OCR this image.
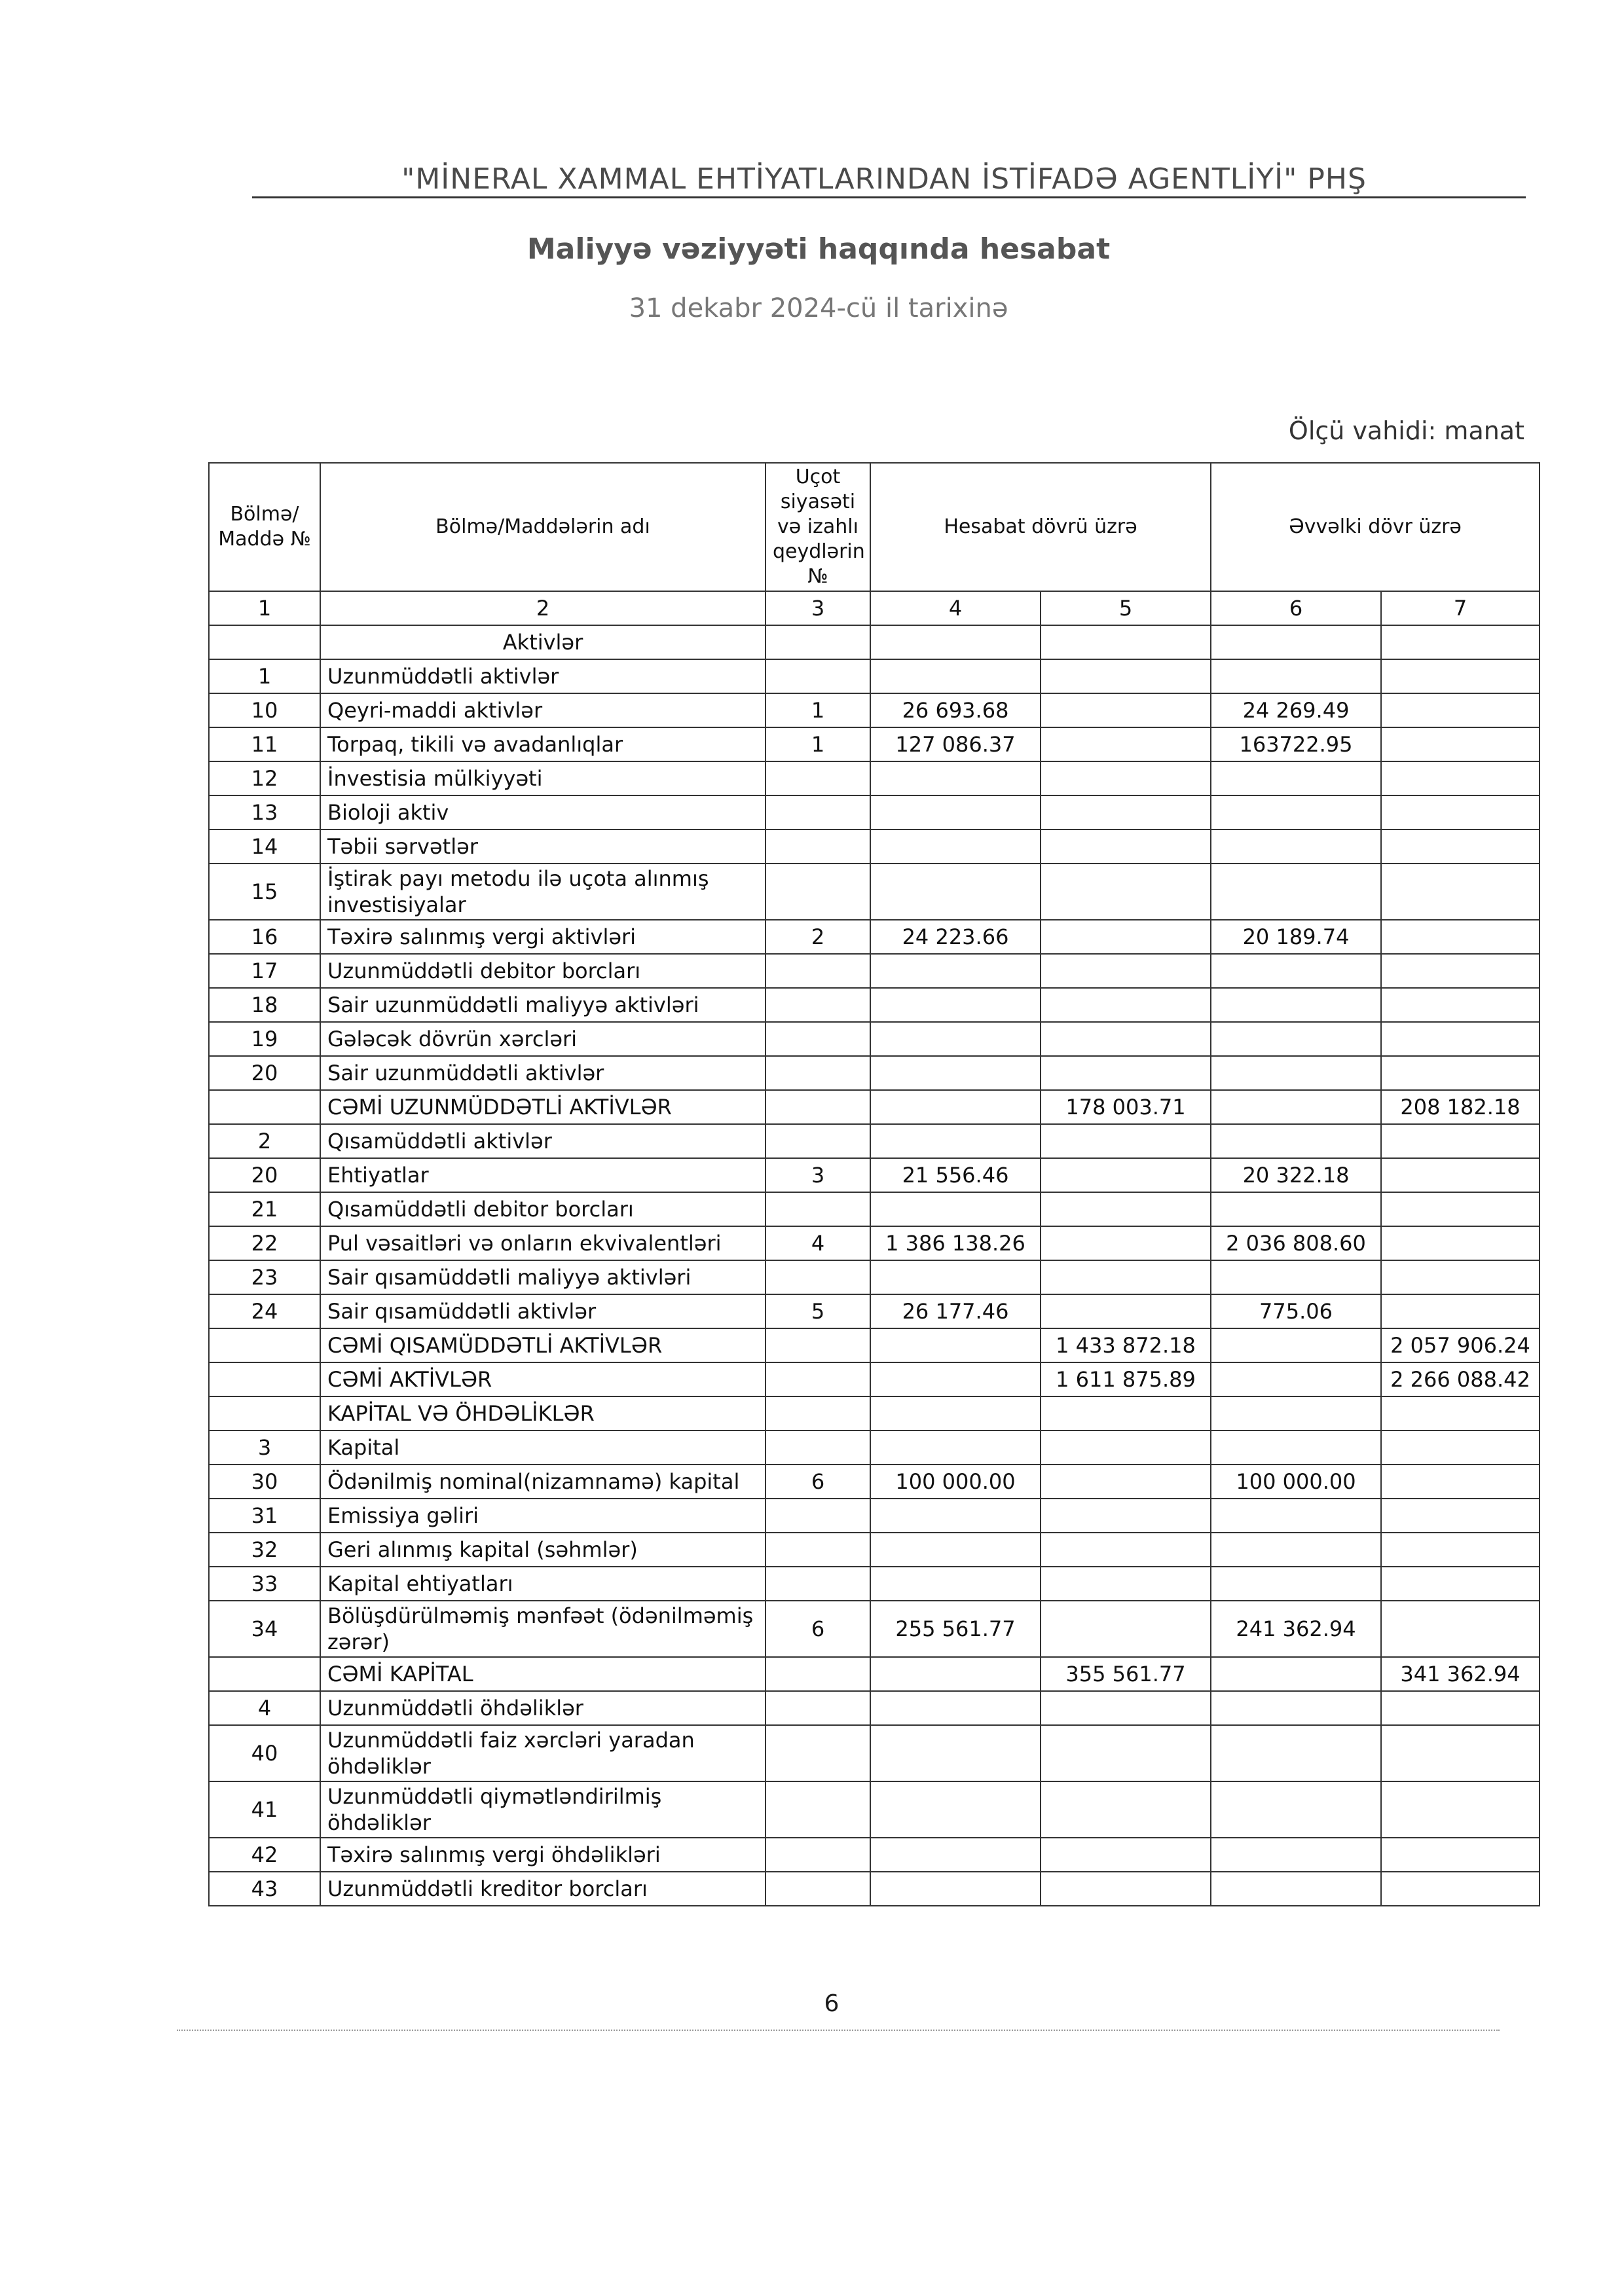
"MİNERAL XAMMAL EHTİYATLARINDAN İSTİFADƏ AGENTLİYİ" PHŞ
Maliyyə vəziyyəti haqqında hesabat
31 dekabr 2024-cü il tarixinə
Ölçü vahidi: manat
Bölmə/ Maddə №	Bölmə/Maddələrin adı	Uçot siyasəti və izahlı qeydlərin №	Hesabat dövrü üzrə		Əvvəlki dövr üzrə	
1	2	3	4	5	6	7
	Aktivlər					
1	Uzunmüddətli aktivlər					
10	Qeyri-maddi aktivlər	1	26 693.68		24 269.49	
11	Torpaq, tikili və avadanlıqlar	1	127 086.37		163722.95	
12	İnvestisia mülkiyyəti					
13	Bioloji aktiv					
14	Təbii sərvətlər					
15	İştirak payı metodu ilə uçota alınmış investisiyalar					
16	Təxirə salınmış vergi aktivləri	2	24 223.66		20 189.74	
17	Uzunmüddətli debitor borcları					
18	Sair uzunmüddətli maliyyə aktivləri					
19	Gələcək dövrün xərcləri					
20	Sair uzunmüddətli aktivlər					
	CƏMİ UZUNMÜDDƏTLİ AKTİVLƏR			178 003.71		208 182.18
2	Qısamüddətli aktivlər					
20	Ehtiyatlar	3	21 556.46		20 322.18	
21	Qısamüddətli debitor borcları					
22	Pul vəsaitləri və onların ekvivalentləri	4	1 386 138.26		2 036 808.60	
23	Sair qısamüddətli maliyyə aktivləri					
24	Sair qısamüddətli aktivlər	5	26 177.46		775.06	
	CƏMİ QISAMÜDDƏTLİ AKTİVLƏR			1 433 872.18		2 057 906.24
	CƏMİ AKTİVLƏR			1 611 875.89		2 266 088.42
	KAPİTAL VƏ ÖHDƏLİKLƏR					
3	Kapital					
30	Ödənilmiş nominal(nizamnamə) kapital	6	100 000.00		100 000.00	
31	Emissiya gəliri					
32	Geri alınmış kapital (səhmlər)					
33	Kapital ehtiyatları					
34	Bölüşdürülməmiş mənfəət (ödənilməmiş zərər)	6	255 561.77		241 362.94	
	CƏMİ KAPİTAL			355 561.77		341 362.94
4	Uzunmüddətli öhdəliklər					
40	Uzunmüddətli faiz xərcləri yaradan öhdəliklər					
41	Uzunmüddətli qiymətləndirilmiş öhdəliklər					
42	Təxirə salınmış vergi öhdəlikləri					
43	Uzunmüddətli kreditor borcları					
6
